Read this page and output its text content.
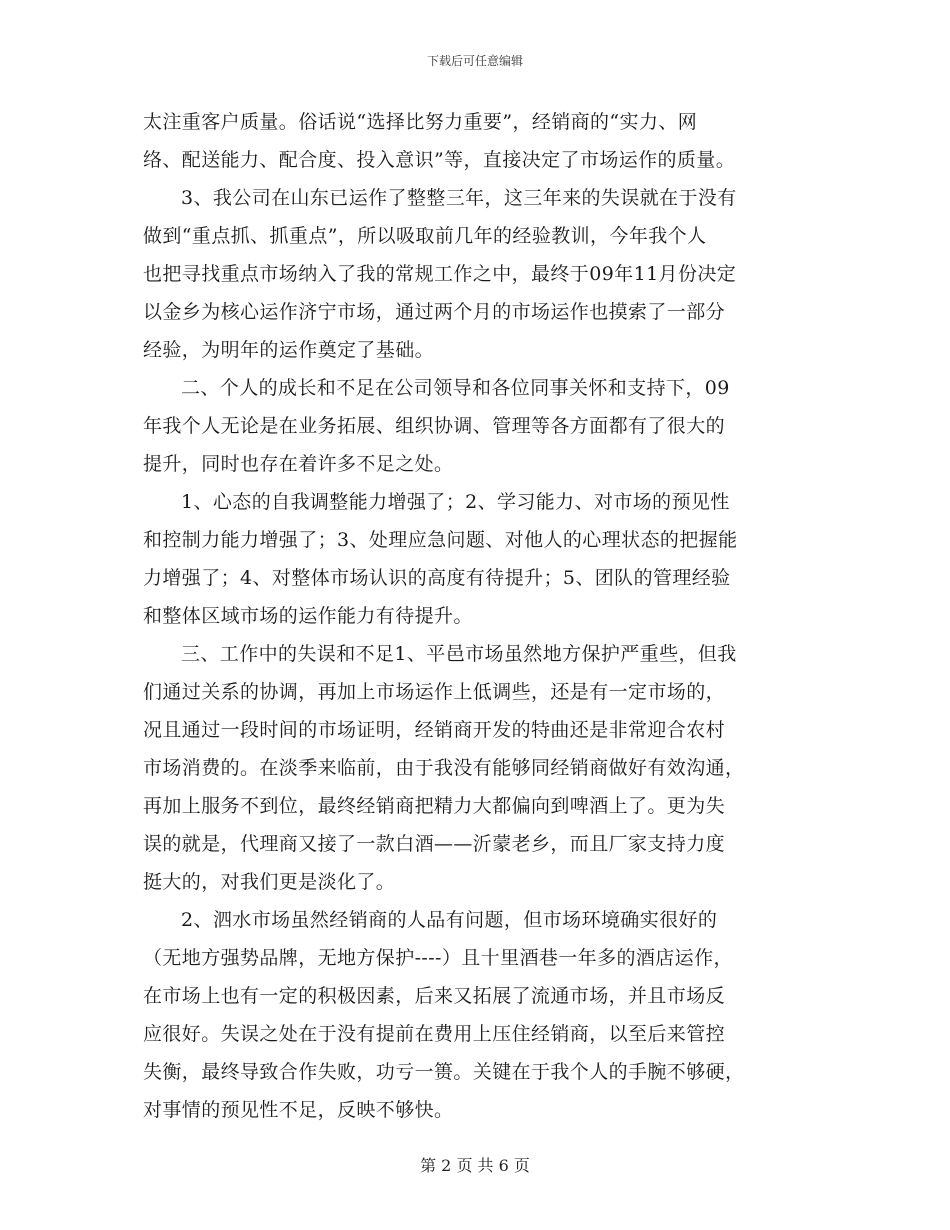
下载后可任意编辑
太注重客户质量。俗话说“选择比努力重要”，经销商的“实力、网
络、配送能力、配合度、投入意识”等，直接决定了市场运作的质量。
3、我公司在山东已运作了整整三年，这三年来的失误就在于没有
做到“重点抓、抓重点”，所以吸取前几年的经验教训，今年我个人
也把寻找重点市场纳入了我的常规工作之中，最终于09年11月份决定
以金乡为核心运作济宁市场，通过两个月的市场运作也摸索了一部分
经验，为明年的运作奠定了基础。
二、个人的成长和不足在公司领导和各位同事关怀和支持下，09
年我个人无论是在业务拓展、组织协调、管理等各方面都有了很大的
提升，同时也存在着许多不足之处。
1、心态的自我调整能力增强了；2、学习能力、对市场的预见性
和控制力能力增强了；3、处理应急问题、对他人的心理状态的把握能
力增强了；4、对整体市场认识的高度有待提升；5、团队的管理经验
和整体区域市场的运作能力有待提升。
三、工作中的失误和不足1、平邑市场虽然地方保护严重些，但我
们通过关系的协调，再加上市场运作上低调些，还是有一定市场的，
况且通过一段时间的市场证明，经销商开发的特曲还是非常迎合农村
市场消费的。在淡季来临前，由于我没有能够同经销商做好有效沟通，
再加上服务不到位，最终经销商把精力大都偏向到啤酒上了。更为失
误的就是，代理商又接了一款白酒——沂蒙老乡，而且厂家支持力度
挺大的，对我们更是淡化了。
2、泗水市场虽然经销商的人品有问题，但市场环境确实很好的
（无地方强势品牌，无地方保护----）且十里酒巷一年多的酒店运作，
在市场上也有一定的积极因素，后来又拓展了流通市场，并且市场反
应很好。失误之处在于没有提前在费用上压住经销商，以至后来管控
失衡，最终导致合作失败，功亏一篑。关键在于我个人的手腕不够硬，
对事情的预见性不足，反映不够快。
第 2 页 共 6 页
